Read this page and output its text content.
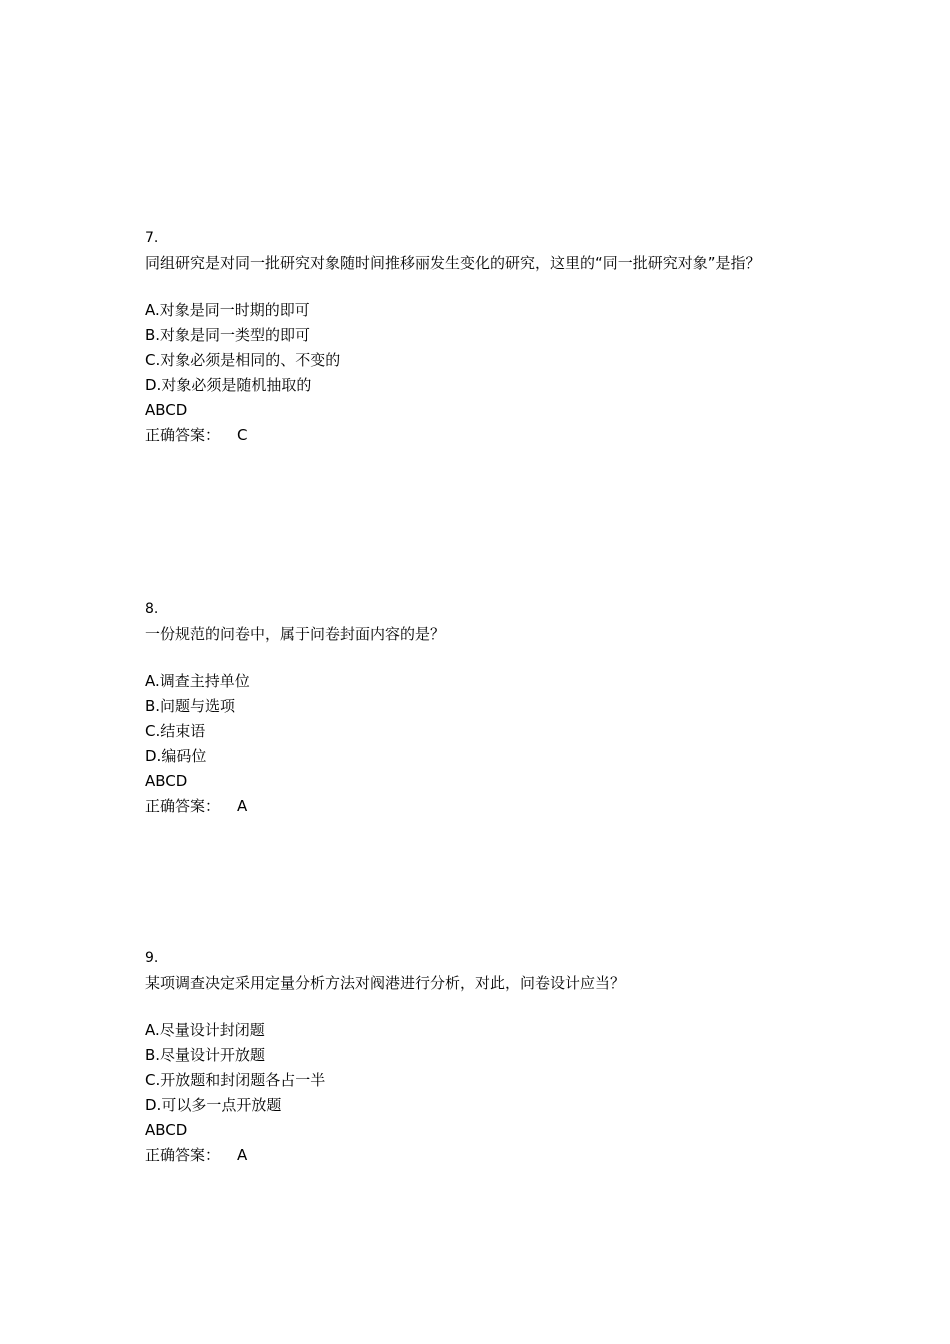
7.
同组研究是对同一批研究对象随时间推移丽发生变化的研究，这里的“同一批研究对象”是指？
A.对象是同一时期的即可
B.对象是同一类型的即可
C.对象必须是相同的、不变的
D.对象必须是随机抽取的
ABCD
正确答案： C
8.
一份规范的问卷中，属于问卷封面内容的是？
A.调查主持单位
B.问题与选项
C.结束语
D.编码位
ABCD
正确答案： A
9.
某项调查决定采用定量分析方法对阀港进行分析，对此，问卷设计应当？
A.尽量设计封闭题
B.尽量设计开放题
C.开放题和封闭题各占一半
D.可以多一点开放题
ABCD
正确答案： A
